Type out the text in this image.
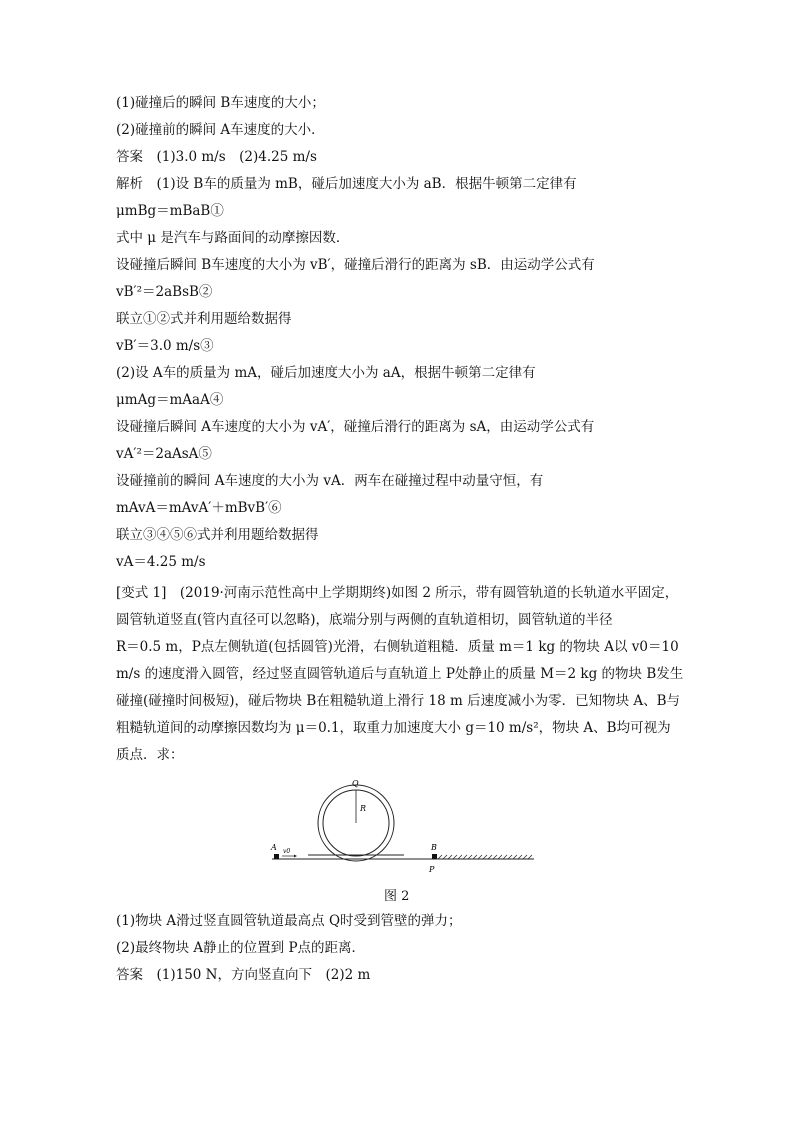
(1)碰撞后的瞬间 B车速度的大小；
(2)碰撞前的瞬间 A车速度的大小．
答案　(1)3.0 m/s　(2)4.25 m/s
解析　(1)设 B车的质量为 mB，碰后加速度大小为 aB．根据牛顿第二定律有
μmBg＝mBaB①
式中 μ 是汽车与路面间的动摩擦因数．
设碰撞后瞬间 B车速度的大小为 vB′，碰撞后滑行的距离为 sB．由运动学公式有
vB′²＝2aBsB②
联立①②式并利用题给数据得
vB′＝3.0 m/s③
(2)设 A车的质量为 mA，碰后加速度大小为 aA，根据牛顿第二定律有
μmAg＝mAaA④
设碰撞后瞬间 A车速度的大小为 vA′，碰撞后滑行的距离为 sA，由运动学公式有
vA′²＝2aAsA⑤
设碰撞前的瞬间 A车速度的大小为 vA．两车在碰撞过程中动量守恒，有
mAvA＝mAvA′＋mBvB′⑥
联立③④⑤⑥式并利用题给数据得
vA＝4.25 m/s
[变式 1]　(2019·河南示范性高中上学期期终)如图 2 所示，带有圆管轨道的长轨道水平固定，
圆管轨道竖直(管内直径可以忽略)，底端分别与两侧的直轨道相切，圆管轨道的半径
R＝0.5 m，P点左侧轨道(包括圆管)光滑，右侧轨道粗糙．质量 m＝1 kg 的物块 A以 v0＝10
m/s 的速度滑入圆管，经过竖直圆管轨道后与直轨道上 P处静止的质量 M＝2 kg 的物块 B发生
碰撞(碰撞时间极短)，碰后物块 B在粗糙轨道上滑行 18 m 后速度减小为零．已知物块 A、B与
粗糙轨道间的动摩擦因数均为 μ＝0.1，取重力加速度大小 g＝10 m/s²，物块 A、B均可视为
质点．求：
Q
R
A v0	B
P
图 2
(1)物块 A滑过竖直圆管轨道最高点 Q时受到管壁的弹力；
(2)最终物块 A静止的位置到 P点的距离．
答案　(1)150 N，方向竖直向下　(2)2 m
